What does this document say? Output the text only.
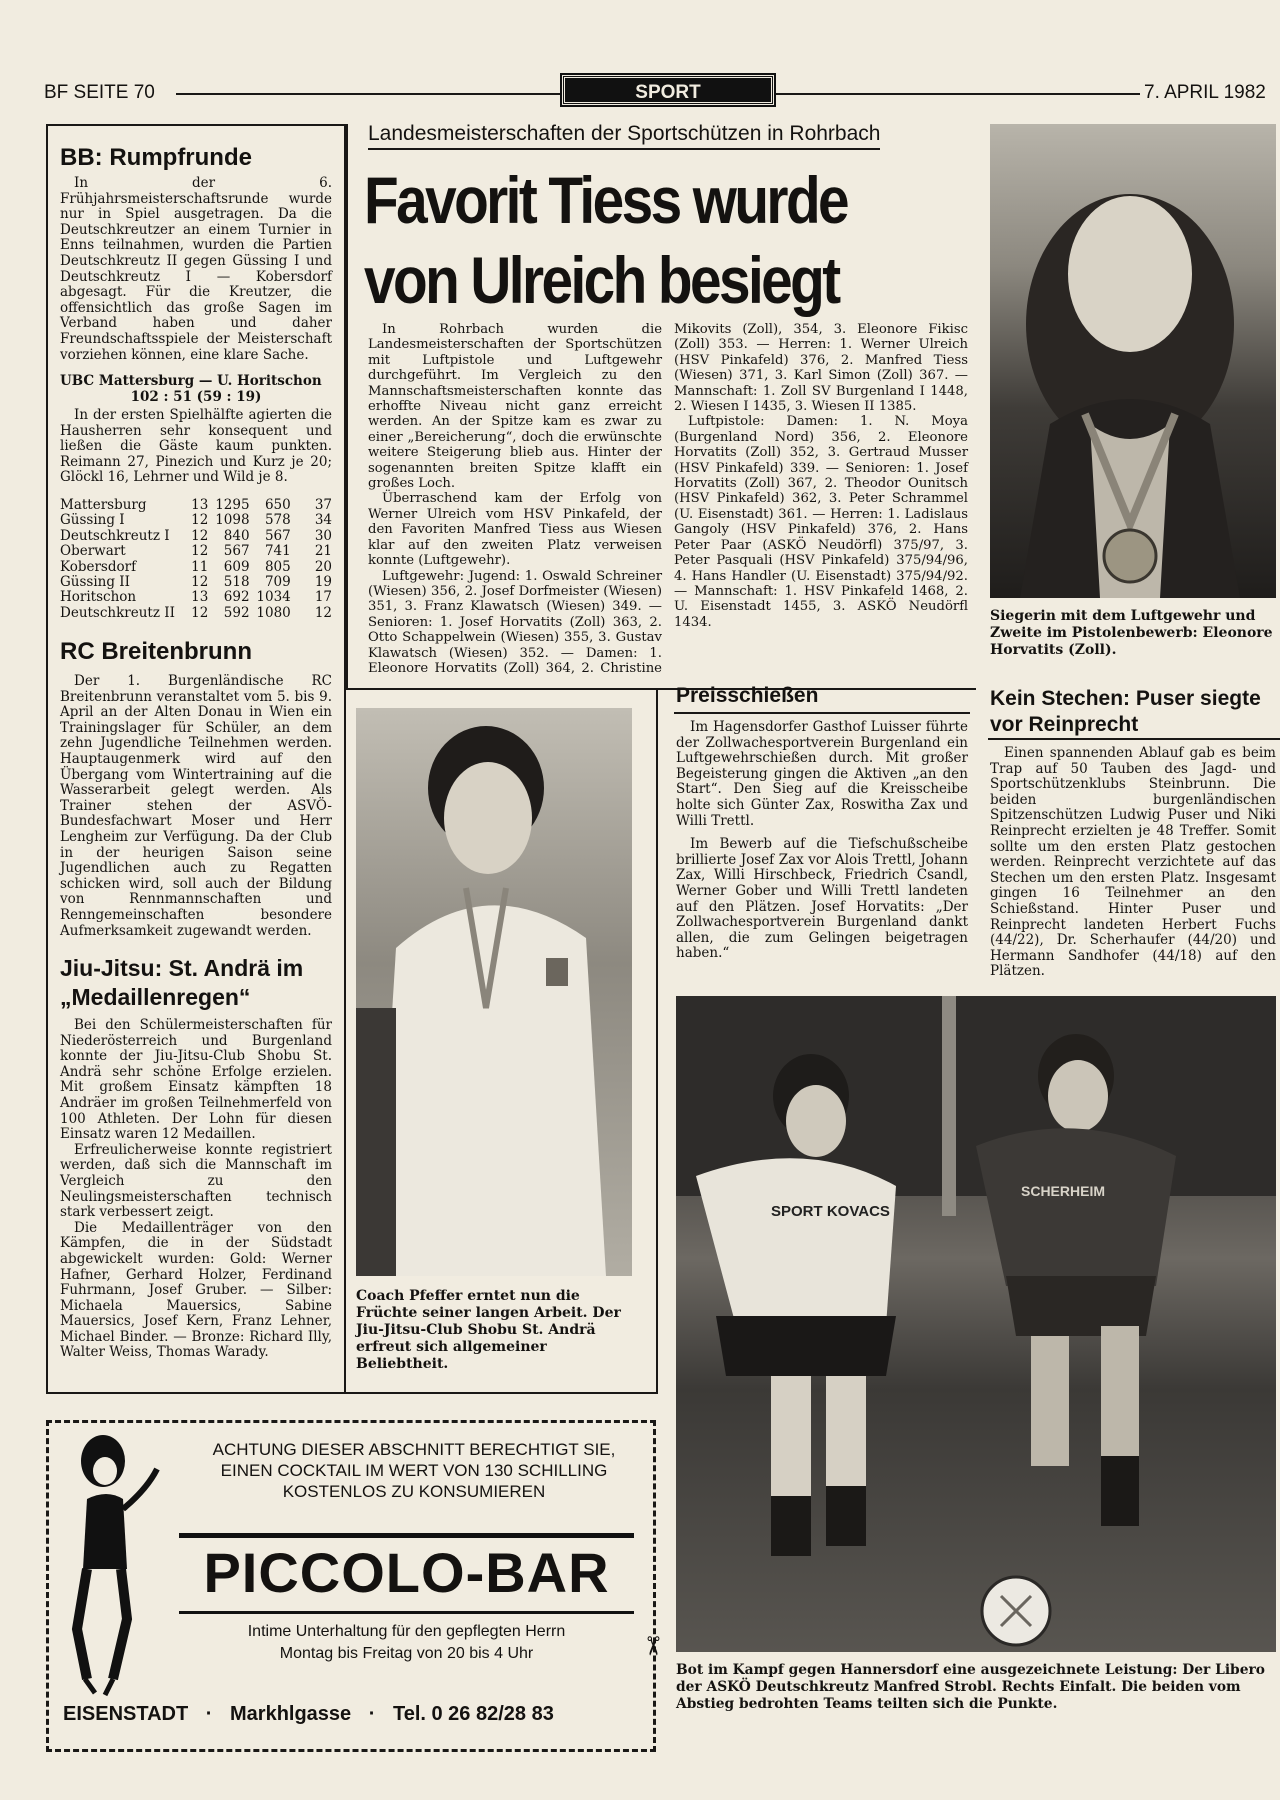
BF SEITE 70	SPORT	7. APRIL 1982
BB: Rumpfrunde

In der 6. Frühjahrsmeisterschaftsrunde wurde nur in Spiel ausgetragen. Da die Deutschkreutzer an einem Turnier in Enns teilnahmen, wurden die Partien Deutschkreutz II gegen Güssing I und Deutschkreutz I — Kobersdorf abgesagt. Für die Kreutzer, die offensichtlich das große Sagen im Verband haben und daher Freundschaftsspiele der Meisterschaft vorziehen können, eine klare Sache.

UBC Mattersburg — U. Horitschon
102 : 51 (59 : 19)

In der ersten Spielhälfte agierten die Hausherren sehr konsequent und ließen die Gäste kaum punkten. Reimann 27, Pinezich und Kurz je 20; Glöckl 16, Lehrner und Wild je 8.

Mattersburg	13	1295	650	37
Güssing I	12	1098	578	34
Deutschkreutz I	12	840	567	30
Oberwart	12	567	741	21
Kobersdorf	11	609	805	20
Güssing II	12	518	709	19
Horitschon	13	692	1034	17
Deutschkreutz II	12	592	1080	12
RC Breitenbrunn

Der 1. Burgenländische RC Breitenbrunn veranstaltet vom 5. bis 9. April an der Alten Donau in Wien ein Trainingslager für Schüler, an dem zehn Jugendliche Teilnehmen werden. Hauptaugenmerk wird auf den Übergang vom Wintertraining auf die Wasserarbeit gelegt werden. Als Trainer stehen der ASVÖ-Bundesfachwart Moser und Herr Lengheim zur Verfügung. Da der Club in der heurigen Saison seine Jugendlichen auch zu Regatten schicken wird, soll auch der Bildung von Rennmannschaften und Renngemeinschaften besondere Aufmerksamkeit zugewandt werden.

Jiu-Jitsu: St. Andrä im „Medaillenregen“

Bei den Schülermeisterschaften für Niederösterreich und Burgenland konnte der Jiu-Jitsu-Club Shobu St. Andrä sehr schöne Erfolge erzielen. Mit großem Einsatz kämpften 18 Andräer im großen Teilnehmerfeld von 100 Athleten. Der Lohn für diesen Einsatz waren 12 Medaillen.

Erfreulicherweise konnte registriert werden, daß sich die Mannschaft im Vergleich zu den Neulingsmeisterschaften technisch stark verbessert zeigt.

Die Medaillenträger von den Kämpfen, die in der Südstadt abgewickelt wurden: Gold: Werner Hafner, Gerhard Holzer, Ferdinand Fuhrmann, Josef Gruber. — Silber: Michaela Mauersics, Sabine Mauersics, Josef Kern, Franz Lehner, Michael Binder. — Bronze: Richard Illy, Walter Weiss, Thomas Warady.

Landesmeisterschaften der Sportschützen in Rohrbach
Favorit Tiess wurde
von Ulreich besiegt

In Rohrbach wurden die Landesmeisterschaften der Sportschützen mit Luftpistole und Luftgewehr durchgeführt. Im Vergleich zu den Mannschaftsmeisterschaften konnte das erhoffte Niveau nicht ganz erreicht werden. An der Spitze kam es zwar zu einer „Bereicherung“, doch die erwünschte weitere Steigerung blieb aus. Hinter der sogenannten breiten Spitze klafft ein großes Loch.

Überraschend kam der Erfolg von Werner Ulreich vom HSV Pinkafeld, der den Favoriten Manfred Tiess aus Wiesen klar auf den zweiten Platz verweisen konnte (Luftgewehr).

Luftgewehr: Jugend: 1. Oswald Schreiner (Wiesen) 356, 2. Josef Dorfmeister (Wiesen) 351, 3. Franz Klawatsch (Wiesen) 349. — Senioren: 1. Josef Horvatits (Zoll) 363, 2. Otto Schappelwein (Wiesen) 355, 3. Gustav Klawatsch (Wiesen) 352. — Damen: 1. Eleonore Horvatits (Zoll) 364, 2. Christine Mikovits (Zoll), 354, 3. Eleonore Fikisc (Zoll) 353. — Herren: 1. Werner Ulreich (HSV Pinkafeld) 376, 2. Manfred Tiess (Wiesen) 371, 3. Karl Simon (Zoll) 367. — Mannschaft: 1. Zoll SV Burgenland I 1448, 2. Wiesen I 1435, 3. Wiesen II 1385.

Luftpistole: Damen: 1. N. Moya (Burgenland Nord) 356, 2. Eleonore Horvatits (Zoll) 352, 3. Gertraud Musser (HSV Pinkafeld) 339. — Senioren: 1. Josef Horvatits (Zoll) 367, 2. Theodor Ounitsch (HSV Pinkafeld) 362, 3. Peter Schrammel (U. Eisenstadt) 361. — Herren: 1. Ladislaus Gangoly (HSV Pinkafeld) 376, 2. Hans Peter Paar (ASKÖ Neudörfl) 375/97, 3. Peter Pasquali (HSV Pinkafeld) 375/94/96, 4. Hans Handler (U. Eisenstadt) 375/94/92. — Mannschaft: 1. HSV Pinkafeld 1468, 2. U. Eisenstadt 1455, 3. ASKÖ Neudörfl 1434.	Siegerin mit dem Luftgewehr und Zweite im Pistolenbewerb: Eleonore Horvatits (Zoll).
Coach Pfeffer erntet nun die Früchte seiner langen Arbeit. Der Jiu-Jitsu-Club Shobu St. Andrä erfreut sich allgemeiner Beliebtheit.
Preisschießen

Im Hagensdorfer Gasthof Luisser führte der Zollwachesportverein Burgenland ein Luftgewehrschießen durch. Mit großer Begeisterung gingen die Aktiven „an den Start“. Den Sieg auf die Kreisscheibe holte sich Günter Zax, Roswitha Zax und Willi Trettl.

Im Bewerb auf die Tiefschußscheibe brillierte Josef Zax vor Alois Trettl, Johann Zax, Willi Hirschbeck, Friedrich Csandl, Werner Gober und Willi Trettl landeten auf den Plätzen. Josef Horvatits: „Der Zollwachesportverein Burgenland dankt allen, die zum Gelingen beigetragen haben.“

Kein Stechen: Puser siegte vor Reinprecht

Einen spannenden Ablauf gab es beim Trap auf 50 Tauben des Jagd- und Sportschützenklubs Steinbrunn. Die beiden burgenländischen Spitzenschützen Ludwig Puser und Niki Reinprecht erzielten je 48 Treffer. Somit sollte um den ersten Platz gestochen werden. Reinprecht verzichtete auf das Stechen um den ersten Platz. Insgesamt gingen 16 Teilnehmer an den Schießstand. Hinter Puser und Reinprecht landeten Herbert Fuchs (44/22), Dr. Scherhaufer (44/20) und Hermann Sandhofer (44/18) auf den Plätzen.

SPORT KOVACS
SCHERHEIM
Bot im Kampf gegen Hannersdorf eine ausgezeichnete Leistung: Der Libero der ASKÖ Deutschkreutz Manfred Strobl. Rechts Einfalt. Die beiden vom Abstieg bedrohten Teams teilten sich die Punkte.
ACHTUNG DIESER ABSCHNITT BERECHTIGT SIE,
EINEN COCKTAIL IM WERT VON 130 SCHILLING
KOSTENLOS ZU KONSUMIEREN
PICCOLO-BAR
Intime Unterhaltung für den gepflegten Herrn
Montag bis Freitag von 20 bis 4 Uhr	✂
EISENSTADT · Markhlgasse · Tel. 0 26 82/28 83
